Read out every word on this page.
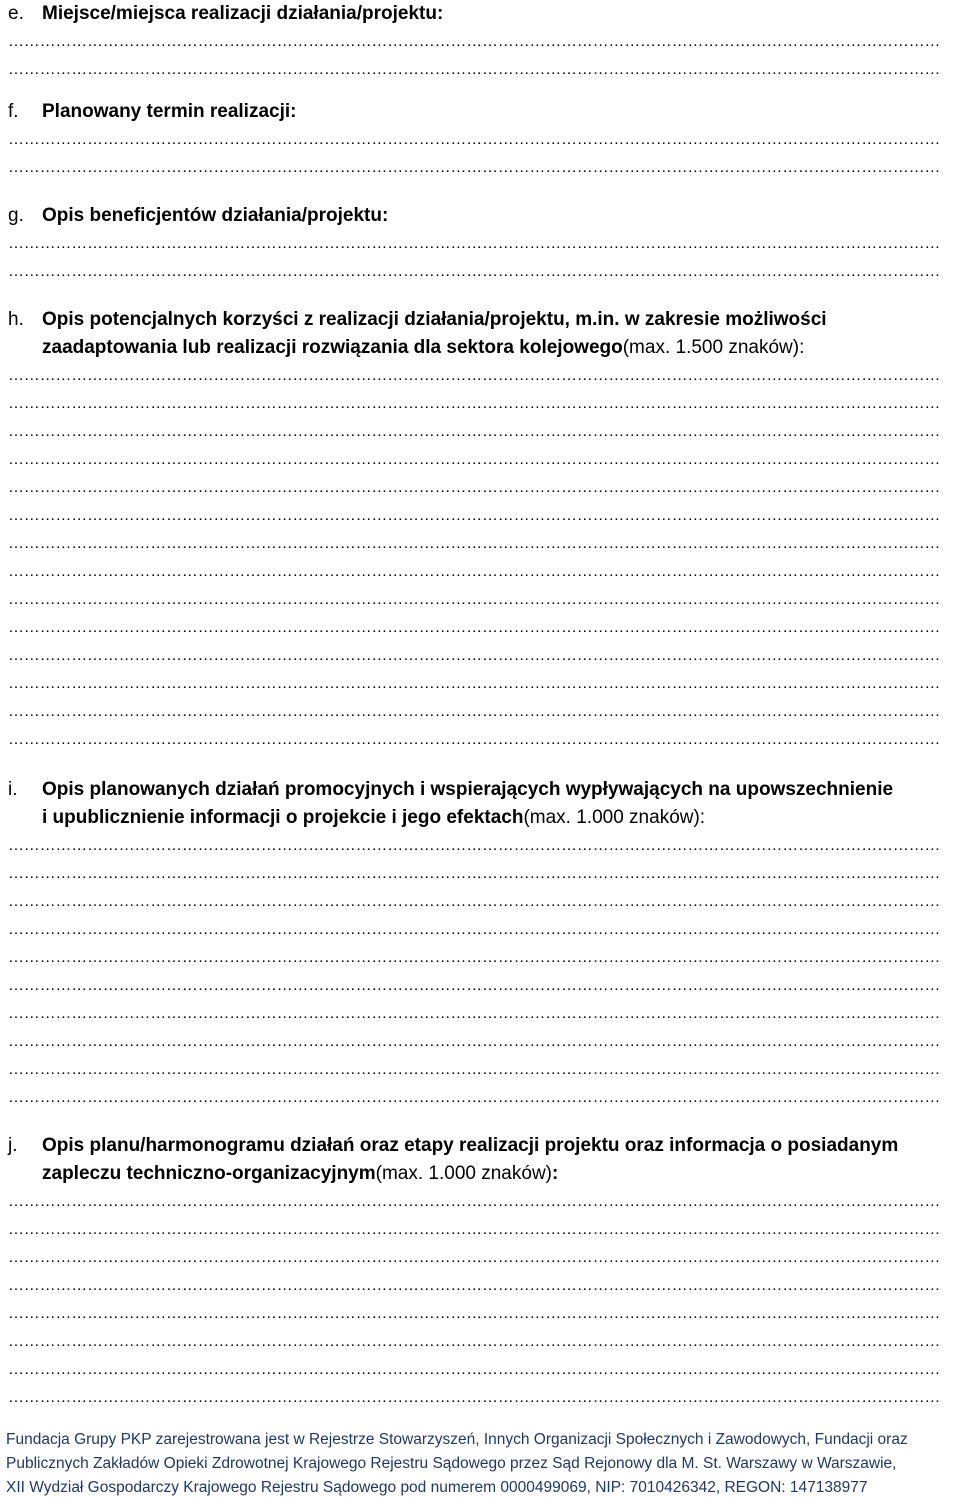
e. Miejsce/miejsca realizacji działania/projektu:
……………………………………………………………………………………………………………………………………………………………
……………………………………………………………………………………………………………………………………………………………
f.	Planowany termin realizacji:
……………………………………………………………………………………………………………………………………………………………
……………………………………………………………………………………………………………………………………………………………
g. Opis beneficjentów działania/projektu:
……………………………………………………………………………………………………………………………………………………………
……………………………………………………………………………………………………………………………………………………………
h. Opis potencjalnych korzyści z realizacji działania/projektu, m.in. w zakresie możliwości
zaadaptowania lub realizacji rozwiązania dla sektora kolejowego (max. 1.500 znaków):
……………………………………………………………………………………………………………………………………………………………
……………………………………………………………………………………………………………………………………………………………
……………………………………………………………………………………………………………………………………………………………
……………………………………………………………………………………………………………………………………………………………
……………………………………………………………………………………………………………………………………………………………
……………………………………………………………………………………………………………………………………………………………
……………………………………………………………………………………………………………………………………………………………
……………………………………………………………………………………………………………………………………………………………
……………………………………………………………………………………………………………………………………………………………
……………………………………………………………………………………………………………………………………………………………
……………………………………………………………………………………………………………………………………………………………
……………………………………………………………………………………………………………………………………………………………
……………………………………………………………………………………………………………………………………………………………
……………………………………………………………………………………………………………………………………………………………
i.	Opis planowanych działań promocyjnych i wspierających wypływających na upowszechnienie
i upublicznienie informacji o projekcie i jego efektach (max. 1.000 znaków):
……………………………………………………………………………………………………………………………………………………………
……………………………………………………………………………………………………………………………………………………………
……………………………………………………………………………………………………………………………………………………………
……………………………………………………………………………………………………………………………………………………………
……………………………………………………………………………………………………………………………………………………………
……………………………………………………………………………………………………………………………………………………………
……………………………………………………………………………………………………………………………………………………………
……………………………………………………………………………………………………………………………………………………………
……………………………………………………………………………………………………………………………………………………………
……………………………………………………………………………………………………………………………………………………………
j.	Opis planu/harmonogramu działań oraz etapy realizacji projektu oraz informacja o posiadanym
zapleczu techniczno-organizacyjnym (max. 1.000 znaków) :
……………………………………………………………………………………………………………………………………………………………
……………………………………………………………………………………………………………………………………………………………
……………………………………………………………………………………………………………………………………………………………
……………………………………………………………………………………………………………………………………………………………
……………………………………………………………………………………………………………………………………………………………
……………………………………………………………………………………………………………………………………………………………
……………………………………………………………………………………………………………………………………………………………
……………………………………………………………………………………………………………………………………………………………
Fundacja Grupy PKP zarejestrowana jest w Rejestrze Stowarzyszeń, Innych Organizacji Społecznych i Zawodowych, Fundacji oraz
Publicznych Zakładów Opieki Zdrowotnej Krajowego Rejestru Sądowego przez Sąd Rejonowy dla M. St. Warszawy w Warszawie,
XII Wydział Gospodarczy Krajowego Rejestru Sądowego pod numerem 0000499069, NIP: 7010426342, REGON: 147138977
